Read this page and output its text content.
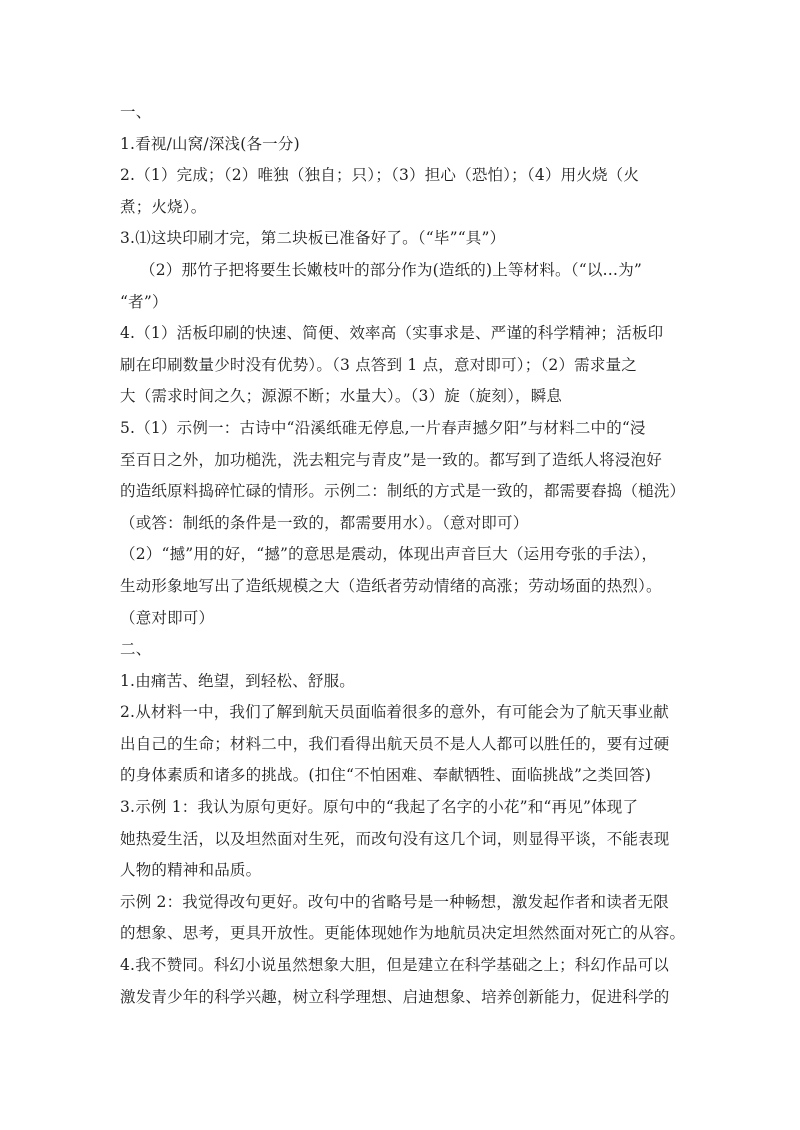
一、
1.看视/山窝/深浅(各一分)
2.（1）完成；（2）唯独（独自；只）；（3）担心（恐怕）；（4）用火烧（火
煮；火烧）。
3.⑴这块印刷才完，第二块板已准备好了。（“毕”“具”）
（2）那竹子把将要生长嫩枝叶的部分作为(造纸的)上等材料。（“以…为”
“者”）
4.（1）活板印刷的快速、简便、效率高（实事求是、严谨的科学精神；活板印
刷在印刷数量少时没有优势）。（3 点答到 1 点，意对即可）；（2）需求量之
大（需求时间之久；源源不断；水量大）。（3）旋（旋刻），瞬息
5.（1）示例一：古诗中“沿溪纸碓无停息,一片春声撼夕阳”与材料二中的“浸
至百日之外，加功槌洗，洗去粗完与青皮”是一致的。都写到了造纸人将浸泡好
的造纸原料捣碎忙碌的情形。示例二：制纸的方式是一致的，都需要舂捣（槌洗）
（或答：制纸的条件是一致的，都需要用水）。（意对即可）
（2）“撼”用的好，“撼”的意思是震动，体现出声音巨大（运用夸张的手法），
生动形象地写出了造纸规模之大（造纸者劳动情绪的高涨；劳动场面的热烈）。
（意对即可）
二、
1.由痛苦、绝望，到轻松、舒服。
2.从材料一中，我们了解到航天员面临着很多的意外，有可能会为了航天事业献
出自己的生命；材料二中，我们看得出航天员不是人人都可以胜任的，要有过硬
的身体素质和诸多的挑战。(扣住“不怕困难、奉献牺牲、面临挑战”之类回答)
3.示例 1：我认为原句更好。原句中的“我起了名字的小花”和“再见”体现了
她热爱生活，以及坦然面对生死，而改句没有这几个词，则显得平谈，不能表现
人物的精神和品质。
示例 2：我觉得改句更好。改句中的省略号是一种畅想，激发起作者和读者无限
的想象、思考，更具开放性。更能体现她作为地航员决定坦然然面对死亡的从容。
4.我不赞同。科幻小说虽然想象大胆，但是建立在科学基础之上；科幻作品可以
激发青少年的科学兴趣，树立科学理想、启迪想象、培养创新能力，促进科学的
